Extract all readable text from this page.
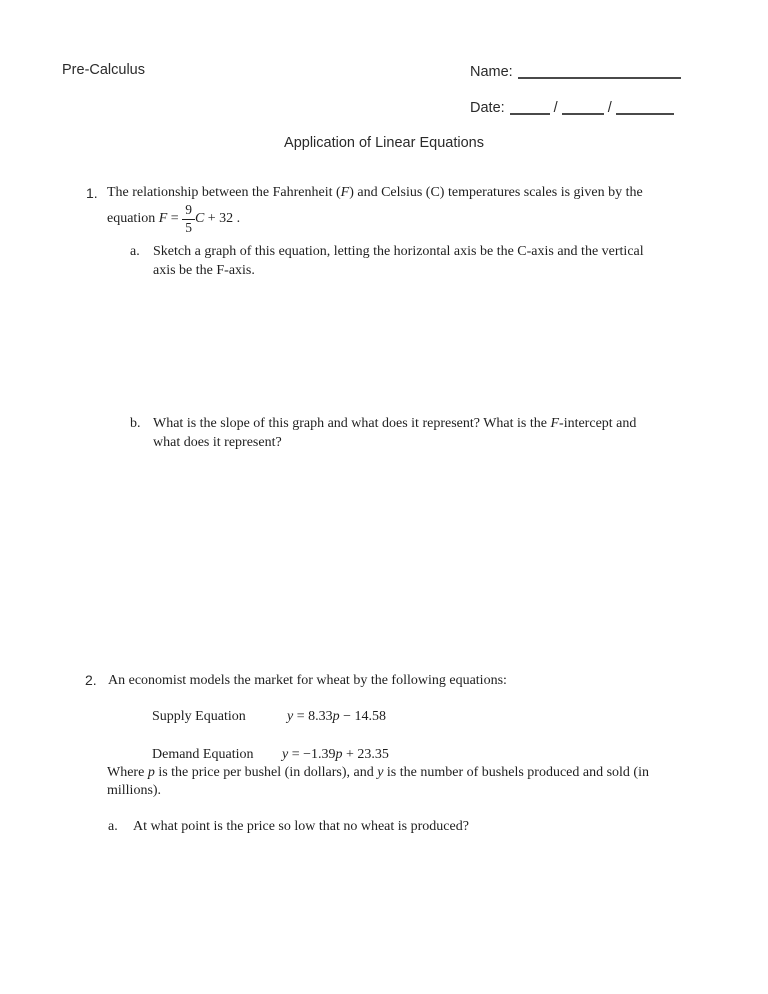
Pre-Calculus	Name:
Date:	/	/
Application of Linear Equations
1. The relationship between the Fahrenheit (F) and Celsius (C) temperatures scales is given by the
equation $F = \frac{9}{5}$ C + 32 .
a. Sketch a graph of this equation, letting the horizontal axis be the C-axis and the vertical
axis be the F-axis.
b. What is the slope of this graph and what does it represent? What is the F-intercept and
what does it represent?
2. An economist models the market for wheat by the following equations:
Supply Equation	y = 8.33p − 14.58
Demand Equation y = −1.39p + 23.35
Where p is the price per bushel (in dollars), and y is the number of bushels produced and sold (in
millions).
a.	At what point is the price so low that no wheat is produced?
